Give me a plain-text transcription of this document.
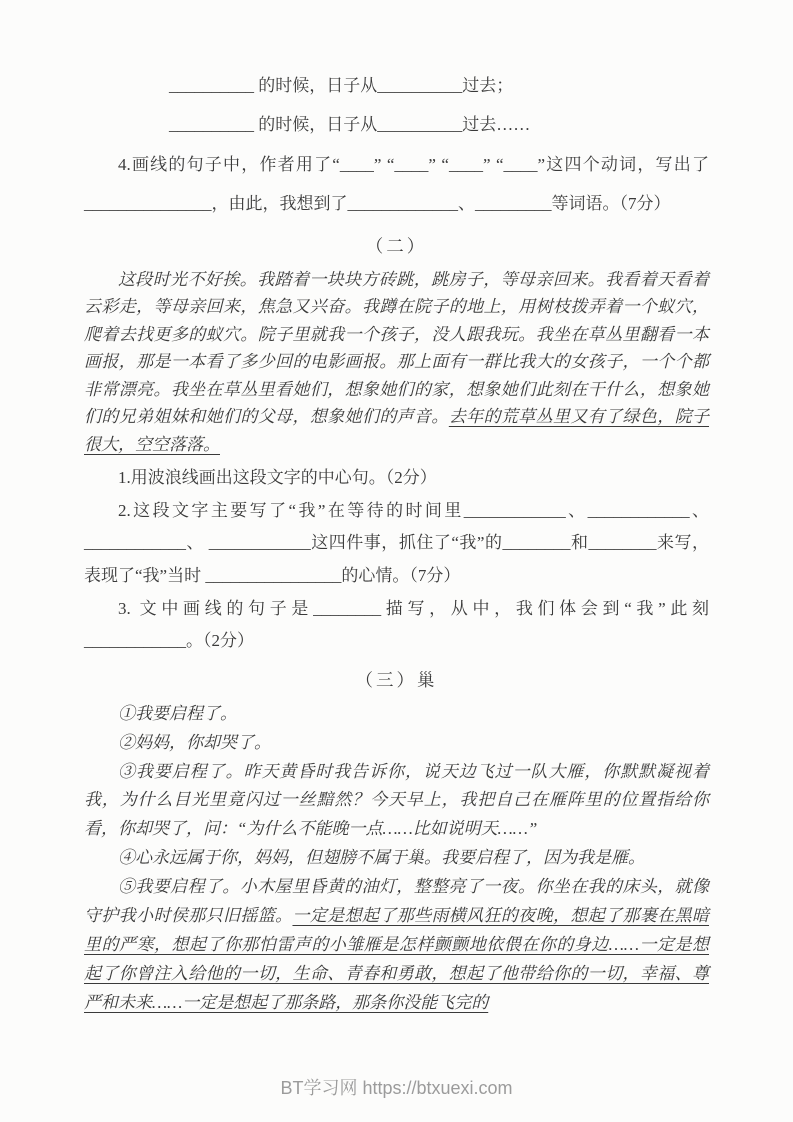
__________ 的时候，日子从__________过去；

__________ 的时候，日子从__________过去……

4.画线的句子中，作者用了“____” “____” “____” “____”这四个动词，写出了_______________，由此，我想到了_____________、_________等词语。（7分）

（二）

这段时光不好挨。我踏着一块块方砖跳，跳房子，等母亲回来。我看着天看着云彩走，等母亲回来，焦急又兴奋。我蹲在院子的地上，用树枝拨弄着一个蚁穴，爬着去找更多的蚁穴。院子里就我一个孩子，没人跟我玩。我坐在草丛里翻看一本画报，那是一本看了多少回的电影画报。那上面有一群比我大的女孩子，一个个都非常漂亮。我坐在草丛里看她们，想象她们的家，想象她们此刻在干什么，想象她们的兄弟姐妹和她们的父母，想象她们的声音。去年的荒草丛里又有了绿色，院子很大，空空落落。

1.用波浪线画出这段文字的中心句。（2分）

2.这段文字主要写了“我”在等待的时间里____________、____________、____________、 ____________这四件事，抓住了“我”的________和________来写，表现了“我”当时 ________________的心情。（7分）

3. 文中画线的句子是________描写，从中，我们体会到“我”此刻____________。（2分）

（三）巢

①我要启程了。

②妈妈，你却哭了。

③我要启程了。昨天黄昏时我告诉你，说天边飞过一队大雁，你默默凝视着我，为什么目光里竟闪过一丝黯然？今天早上，我把自己在雁阵里的位置指给你看，你却哭了，问：“为什么不能晚一点……比如说明天……”

④心永远属于你，妈妈，但翅膀不属于巢。我要启程了，因为我是雁。

⑤我要启程了。小木屋里昏黄的油灯，整整亮了一夜。你坐在我的床头，就像守护我小时侯那只旧摇篮。一定是想起了那些雨横风狂的夜晚，想起了那裹在黑暗里的严寒，想起了你那怕雷声的小雏雁是怎样颤颤地依偎在你的身边……一定是想起了你曾注入给他的一切，生命、青春和勇敢，想起了他带给你的一切，幸福、尊严和未来……一定是想起了那条路，那条你没能飞完的

BT学习网 https://btxuexi.com
